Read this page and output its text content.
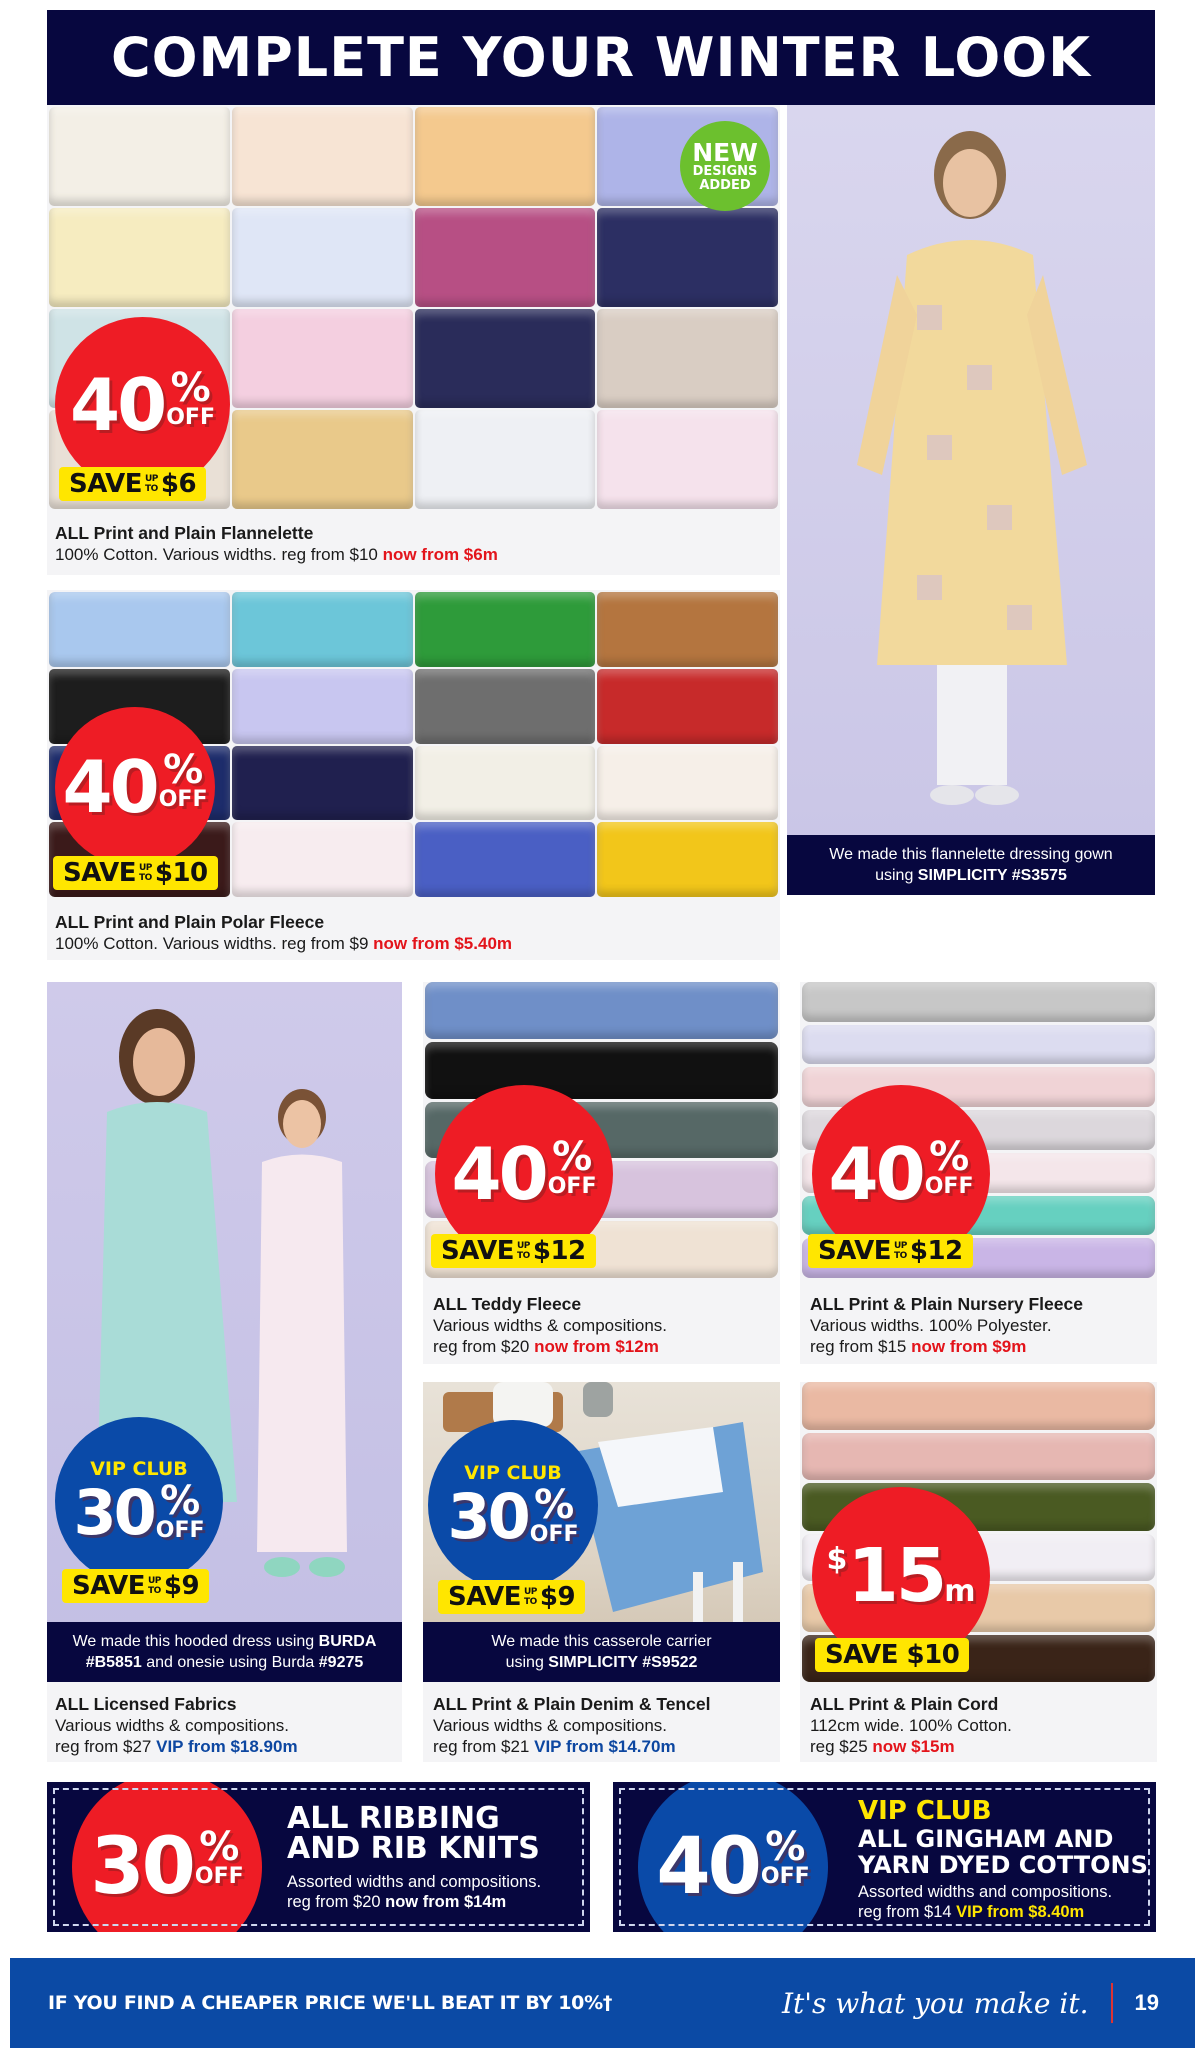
COMPLETE YOUR WINTER LOOK
NEW
DESIGNS
ADDED
40 %
OFF
SAVE UP
TO $6
ALL Print and Plain Flannelette
100% Cotton. Various widths. reg from $10 now from $6m
40 %
OFF
SAVE UP
TO $10
ALL Print and Plain Polar Fleece
100% Cotton. Various widths. reg from $9 now from $5.40m
We made this flannelette dressing gown
using SIMPLICITY #S3575
VIP CLUB
30 %
OFF
SAVE UP
TO $9
We made this hooded dress using BURDA
#B5851 and onesie using Burda #9275
ALL Licensed Fabrics
Various widths & compositions.
reg from $27 VIP from $18.90m
40 %
OFF
SAVE UP
TO $12
ALL Teddy Fleece
Various widths & compositions.
reg from $20 now from $12m
40 %
OFF
SAVE UP
TO $12
ALL Print & Plain Nursery Fleece
Various widths. 100% Polyester.
reg from $15 now from $9m
VIP CLUB
30 %
OFF
SAVE UP
TO $9
We made this casserole carrier
using SIMPLICITY #S9522
ALL Print & Plain Denim & Tencel
Various widths & compositions.
reg from $21 VIP from $14.70m
$ 15 m
SAVE $10
ALL Print & Plain Cord
112cm wide. 100% Cotton.
reg $25 now $15m
30 %
OFF
ALL RIBBING
AND RIB KNITS
Assorted widths and compositions.
reg from $20 now from $14m	40 %
OFF
VIP CLUB
ALL GINGHAM AND
YARN DYED COTTONS
Assorted widths and compositions.
reg from $14 VIP from $8.40m
IF YOU FIND A CHEAPER PRICE WE'LL BEAT IT BY 10%†	It's what you make it. 19
